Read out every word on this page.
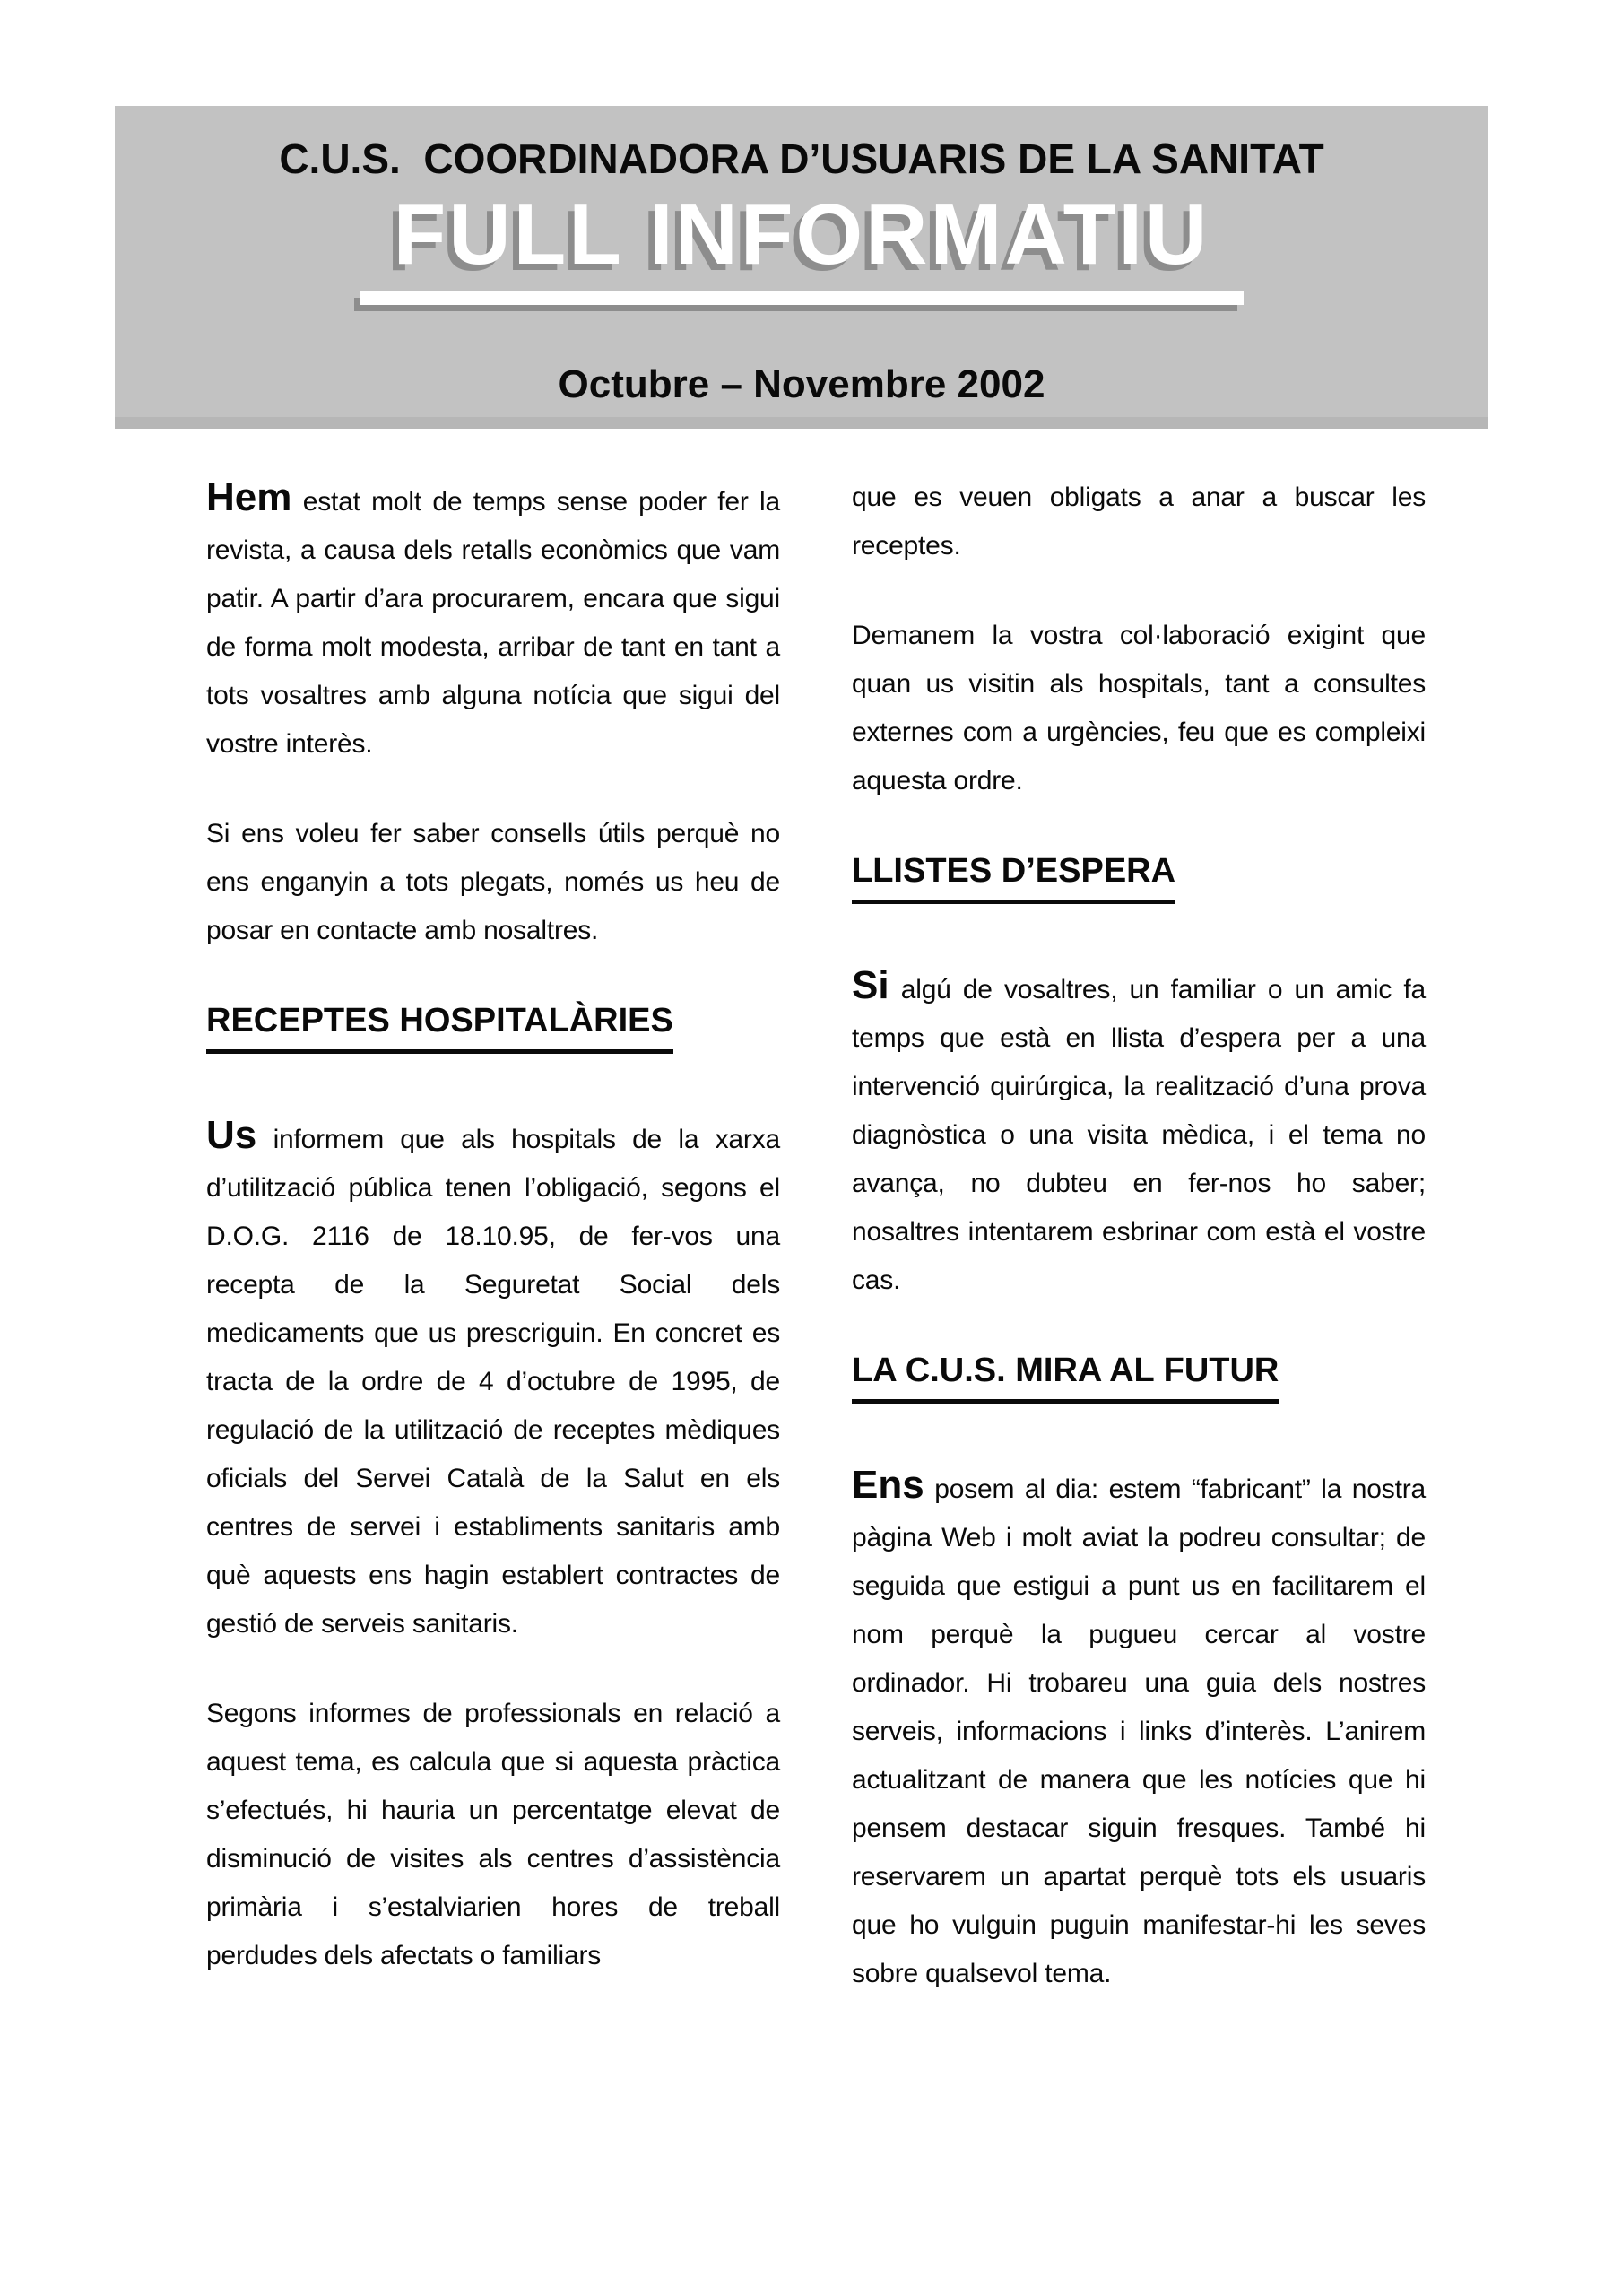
C.U.S.  COORDINADORA D’USUARIS DE LA SANITAT
FULL INFORMATIU
Octubre – Novembre 2002

Hem estat molt de temps sense poder fer la revista, a causa dels retalls econòmics que vam patir. A partir d’ara procurarem, encara que sigui de forma molt modesta, arribar de tant en tant a tots vosaltres amb alguna notícia que sigui del vostre interès.

Si ens voleu fer saber consells útils perquè no ens enganyin a tots plegats, només us heu de posar en contacte amb nosaltres.

RECEPTES HOSPITALÀRIES

Us informem que als hospitals de la xarxa d’utilització pública tenen l’obligació, segons el D.O.G. 2116 de 18.10.95, de fer-vos una recepta de la Seguretat Social dels medicaments que us prescriguin. En concret es tracta de la ordre de 4 d’octubre de 1995, de regulació de la utilització de receptes mèdiques oficials del Servei Català de la Salut en els centres de servei i establiments sanitaris amb què aquests ens hagin establert contractes de gestió de serveis sanitaris.

Segons informes de professionals en relació a aquest tema, es calcula que si aquesta pràctica s’efectués, hi hauria un percentatge elevat de disminució de visites als centres d’assistència primària i s’estalviarien hores de treball perdudes dels afectats o familiars

que es veuen obligats a anar a buscar les receptes.

Demanem la vostra col·laboració exigint que quan us visitin als hospitals, tant a consultes externes com a urgències, feu que es compleixi aquesta ordre.

LLISTES D’ESPERA

Si algú de vosaltres, un familiar o un amic fa temps que està en llista d’espera per a una intervenció quirúrgica, la realització d’una prova diagnòstica o una visita mèdica, i el tema no avança, no dubteu en fer-nos ho saber; nosaltres intentarem esbrinar com està el vostre cas.

LA C.U.S. MIRA AL FUTUR

Ens posem al dia: estem “fabricant” la nostra pàgina Web i molt aviat la podreu consultar; de seguida que estigui a punt us en facilitarem el nom perquè la pugueu cercar al vostre ordinador. Hi trobareu una guia dels nostres serveis, informacions i links d’interès. L’anirem actualitzant de manera que les notícies que hi pensem destacar siguin fresques. També hi reservarem un apartat perquè tots els usuaris que ho vulguin puguin manifestar-hi les seves sobre qualsevol tema.
